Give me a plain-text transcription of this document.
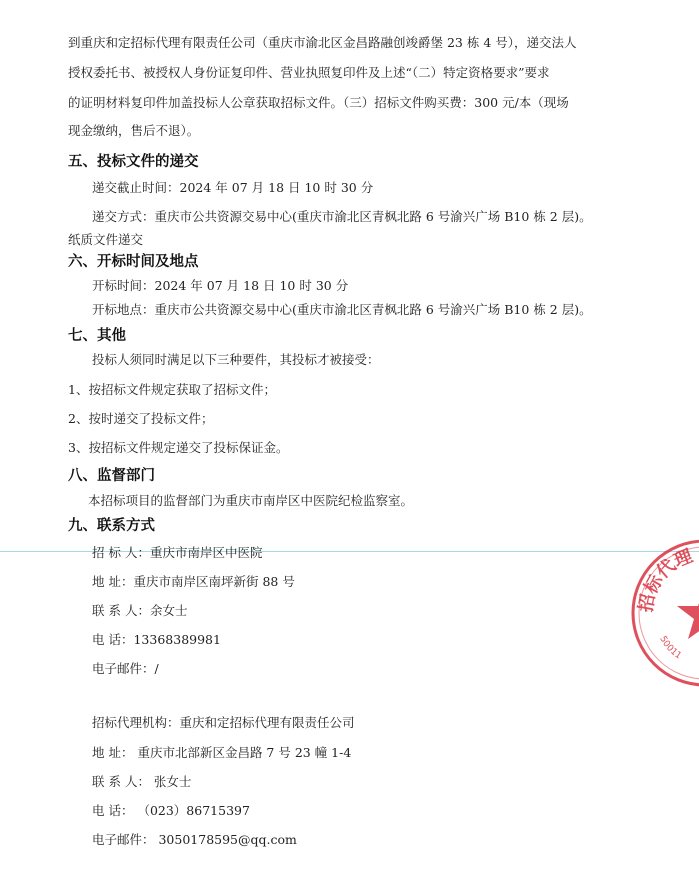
到重庆和定招标代理有限责任公司（重庆市渝北区金昌路融创竣爵堡 23 栋 4 号），递交法人
授权委托书、被授权人身份证复印件、营业执照复印件及上述“（二）特定资格要求”要求
的证明材料复印件加盖投标人公章获取招标文件。（三）招标文件购买费：300 元/本（现场
现金缴纳，售后不退）。
五、投标文件的递交
递交截止时间：2024 年 07 月 18 日 10 时 30 分
递交方式：重庆市公共资源交易中心(重庆市渝北区青枫北路 6 号渝兴广场 B10 栋 2 层)。
纸质文件递交
六、开标时间及地点
开标时间：2024 年 07 月 18 日 10 时 30 分
开标地点：重庆市公共资源交易中心(重庆市渝北区青枫北路 6 号渝兴广场 B10 栋 2 层)。
七、其他
投标人须同时满足以下三种要件，其投标才被接受：
1、按招标文件规定获取了招标文件；
2、按时递交了投标文件；
3、按招标文件规定递交了投标保证金。
八、监督部门
本招标项目的监督部门为重庆市南岸区中医院纪检监察室。
九、联系方式
招 标 人：重庆市南岸区中医院
地 址：重庆市南岸区南坪新街 88 号
联 系 人：余女士
电 话：13368389981
电子邮件：/
招标代理机构：重庆和定招标代理有限责任公司
地 址： 重庆市北部新区金昌路 7 号 23 幢 1-4
联 系 人： 张女士
电 话： （023）86715397
电子邮件： 3050178595@qq.com
招标代理
50011
